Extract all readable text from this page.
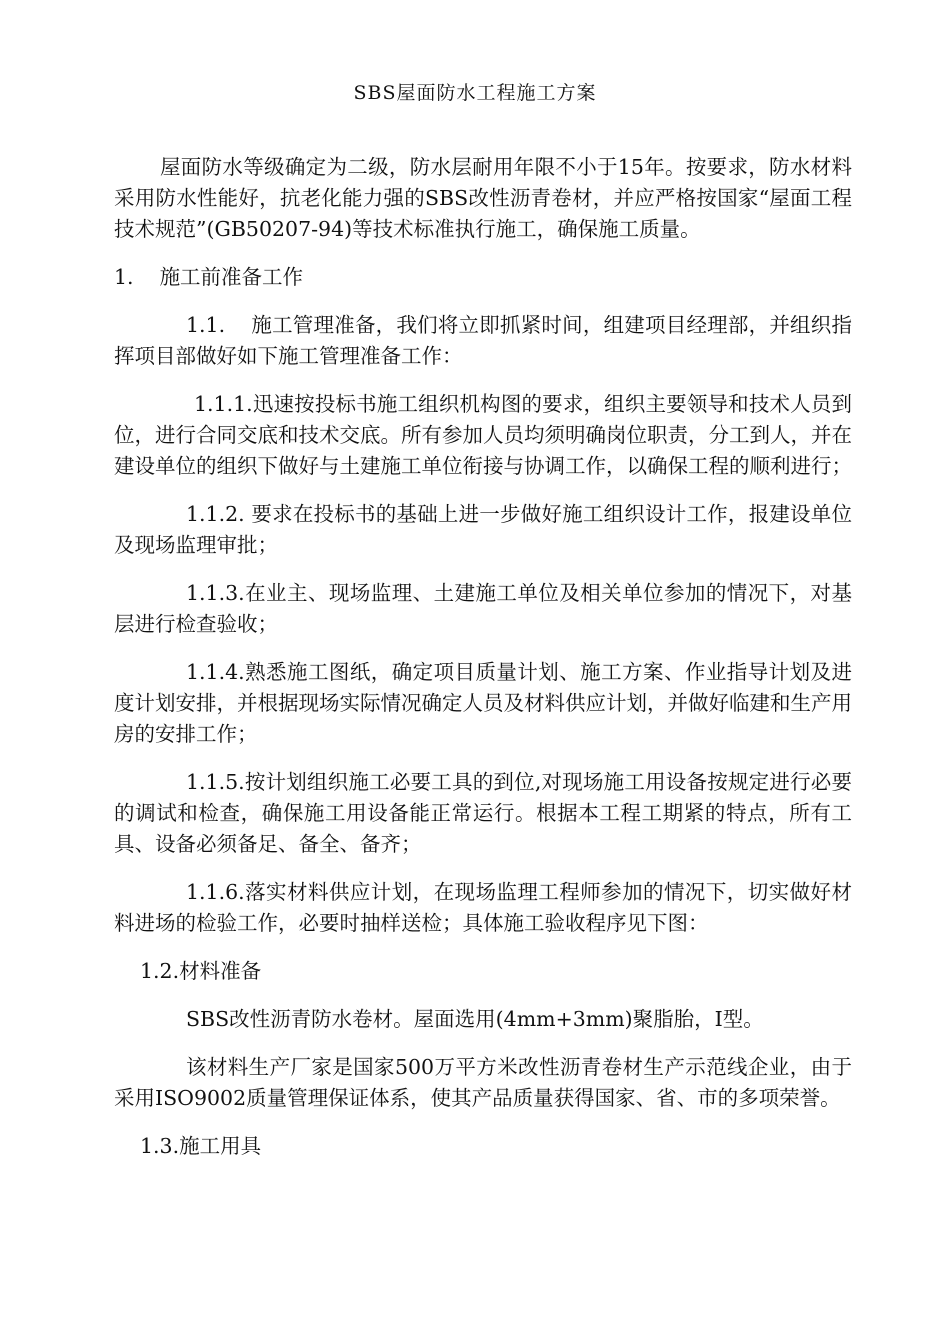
SBS屋面防水工程施工方案

屋面防水等级确定为二级，防水层耐用年限不小于15年。按要求，防水材料采用防水性能好，抗老化能力强的SBS改性沥青卷材，并应严格按国家“屋面工程技术规范”(GB50207-94)等技术标准执行施工，确保施工质量。

1. 施工前准备工作

1.1. 施工管理准备，我们将立即抓紧时间，组建项目经理部，并组织指挥项目部做好如下施工管理准备工作：

1.1.1.迅速按投标书施工组织机构图的要求，组织主要领导和技术人员到位，进行合同交底和技术交底。所有参加人员均须明确岗位职责，分工到人，并在建设单位的组织下做好与土建施工单位衔接与协调工作，以确保工程的顺利进行；

1.1.2. 要求在投标书的基础上进一步做好施工组织设计工作，报建设单位及现场监理审批；

1.1.3.在业主、现场监理、土建施工单位及相关单位参加的情况下，对基层进行检查验收；

1.1.4.熟悉施工图纸，确定项目质量计划、施工方案、作业指导计划及进度计划安排，并根据现场实际情况确定人员及材料供应计划，并做好临建和生产用房的安排工作；

1.1.5.按计划组织施工必要工具的到位,对现场施工用设备按规定进行必要的调试和检查，确保施工用设备能正常运行。根据本工程工期紧的特点，所有工具、设备必须备足、备全、备齐；

1.1.6.落实材料供应计划，在现场监理工程师参加的情况下，切实做好材料进场的检验工作，必要时抽样送检；具体施工验收程序见下图：

1.2.材料准备

SBS改性沥青防水卷材。屋面选用(4mm+3mm)聚脂胎，I型。

该材料生产厂家是国家500万平方米改性沥青卷材生产示范线企业，由于采用ISO9002质量管理保证体系，使其产品质量获得国家、省、市的多项荣誉。

1.3.施工用具
